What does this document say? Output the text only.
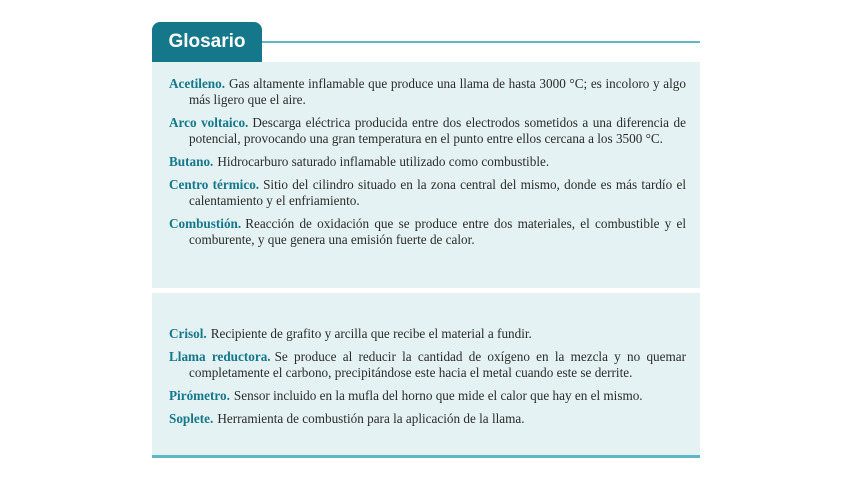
Glosario

Acetileno. Gas altamente inflamable que produce una llama de hasta 3000 °C; es incoloro y algo más ligero que el aire.

Arco voltaico. Descarga eléctrica producida entre dos electrodos sometidos a una diferencia de potencial, provocando una gran temperatura en el punto entre ellos cercana a los 3500 °C.

Butano. Hidrocarburo saturado inflamable utilizado como combustible.

Centro térmico. Sitio del cilindro situado en la zona central del mismo, donde es más tardío el calentamiento y el enfriamiento.

Combustión. Reacción de oxidación que se produce entre dos materiales, el combustible y el comburente, y que genera una emisión fuerte de calor.

Crisol. Recipiente de grafito y arcilla que recibe el material a fundir.

Llama reductora. Se produce al reducir la cantidad de oxígeno en la mezcla y no quemar completamente el carbono, precipitándose este hacia el metal cuando este se derrite.

Pirómetro. Sensor incluido en la mufla del horno que mide el calor que hay en el mismo.

Soplete. Herramienta de combustión para la aplicación de la llama.
